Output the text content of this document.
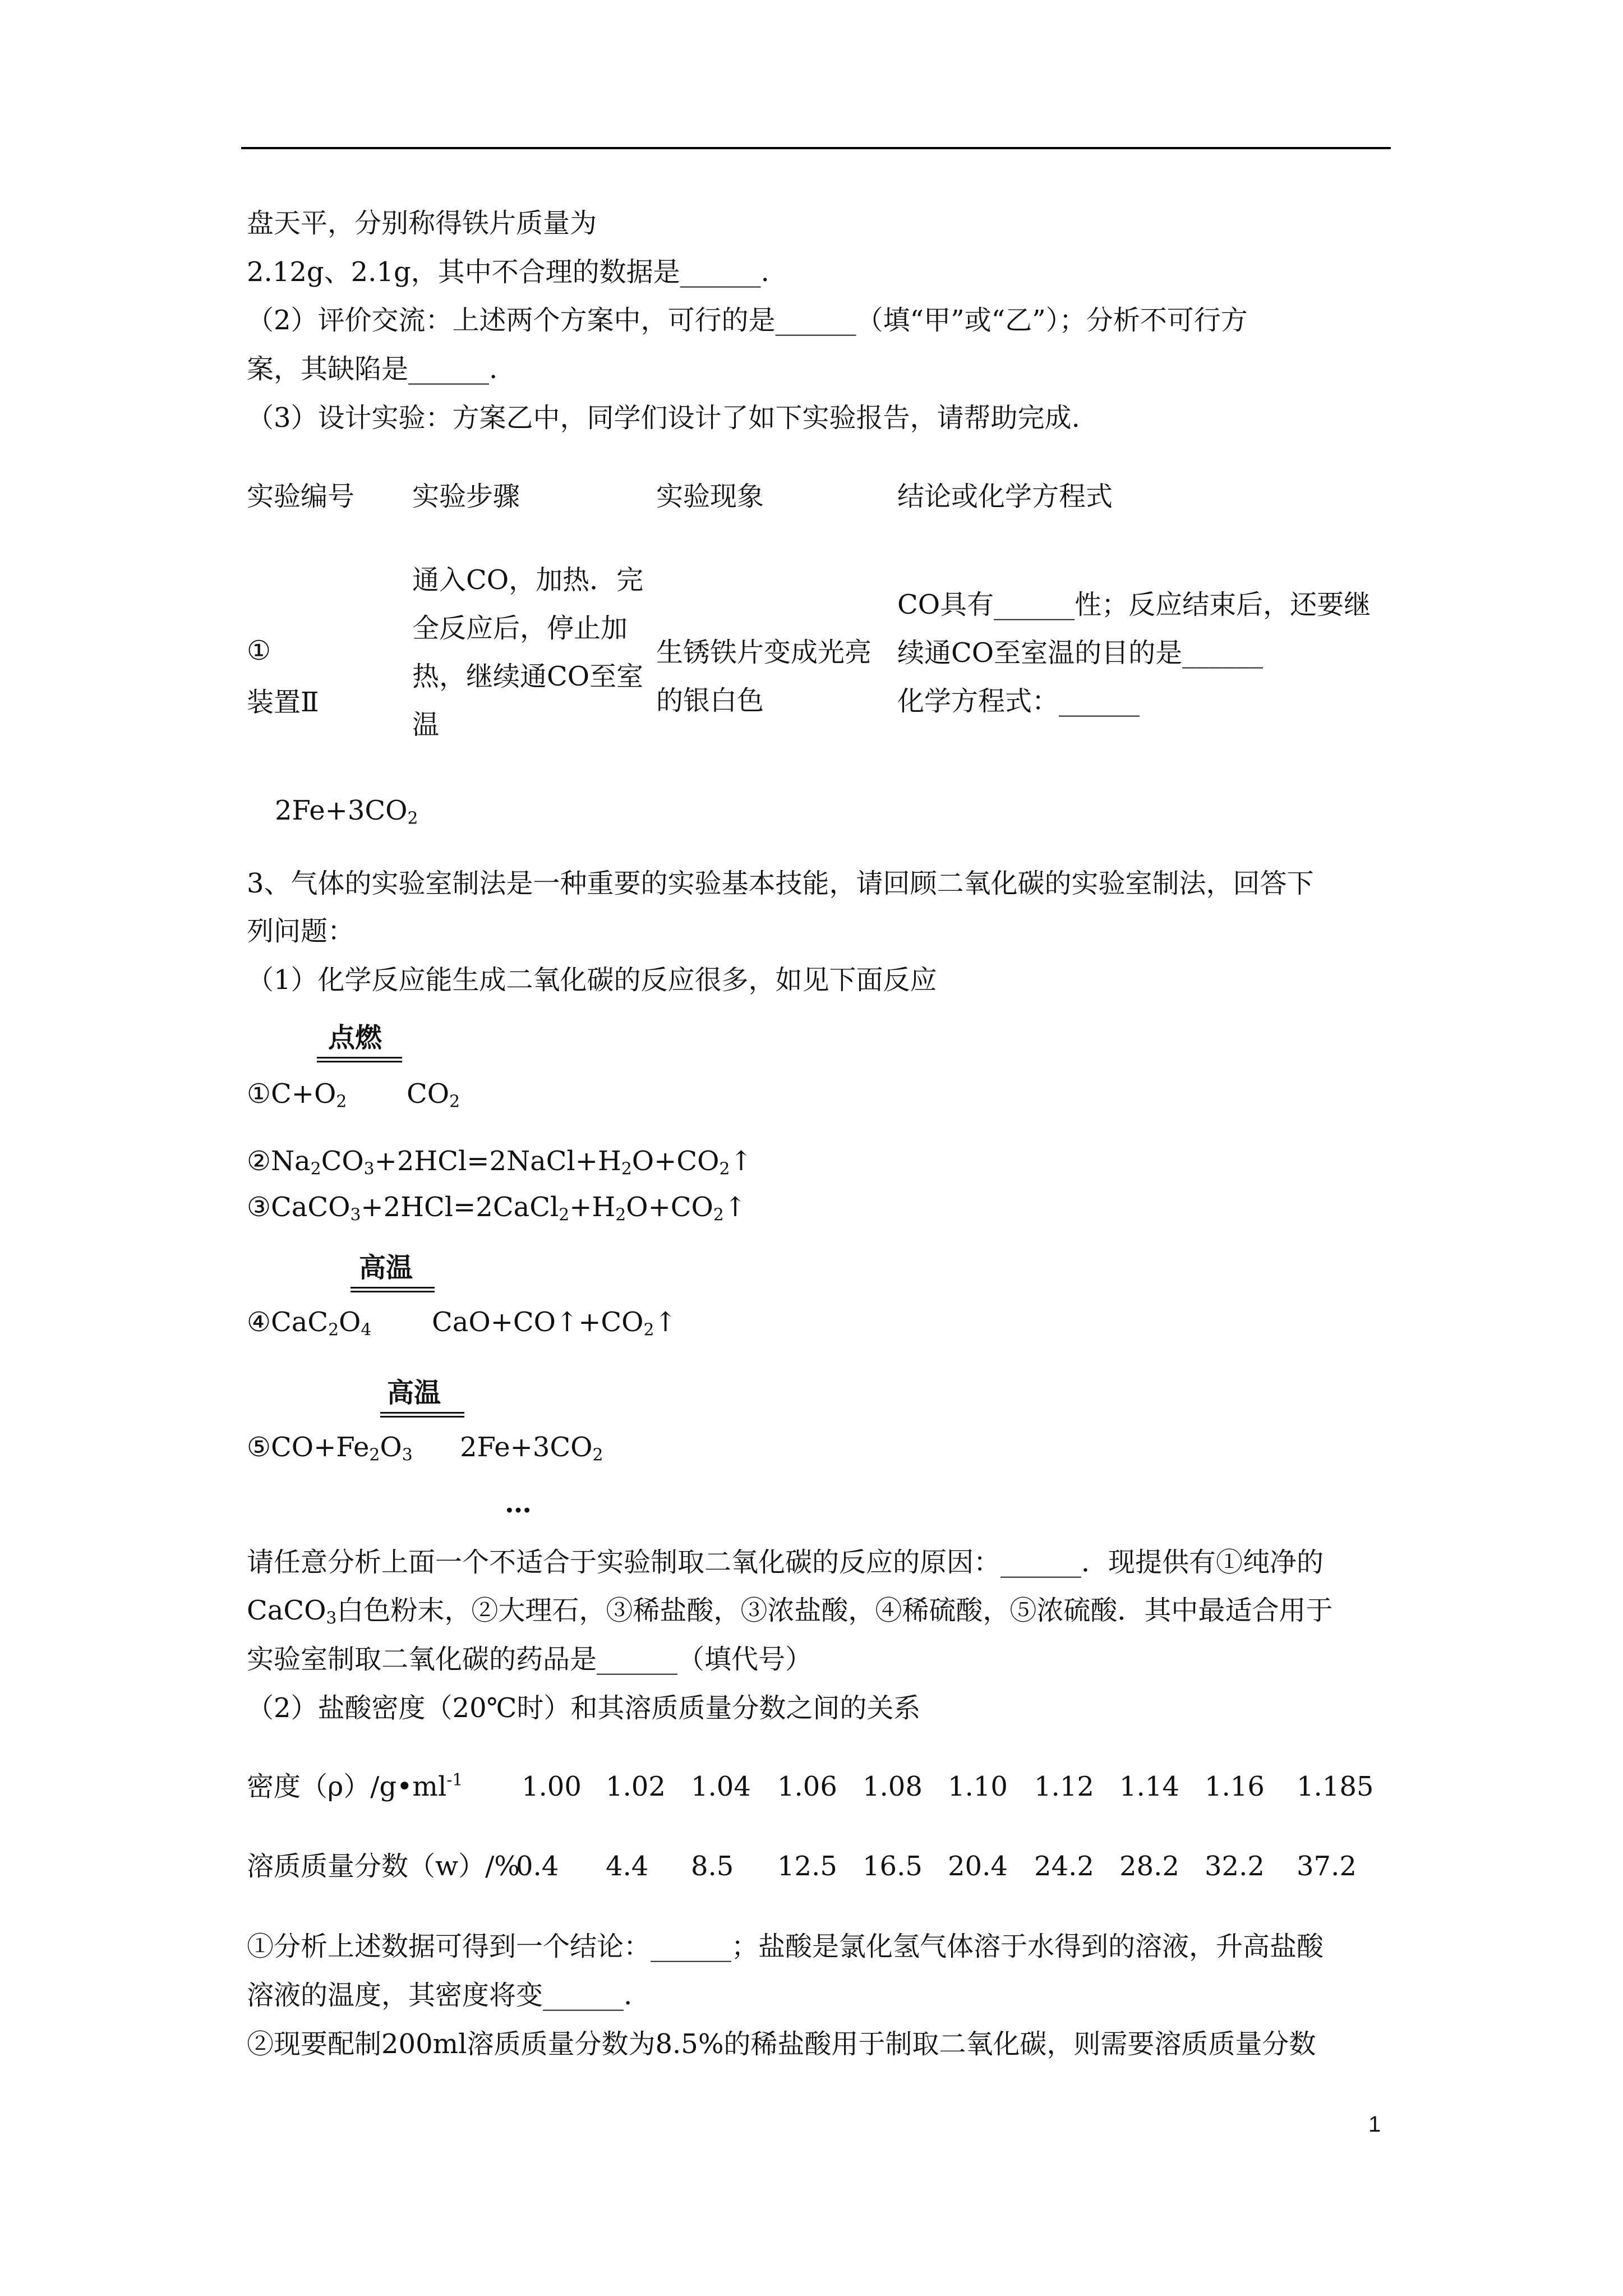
盘天平，分别称得铁片质量为
2.12g、2.1g，其中不合理的数据是______.
（2）评价交流：上述两个方案中，可行的是______（填“甲”或“乙”）；分析不可行方
案，其缺陷是______.
（3）设计实验：方案乙中，同学们设计了如下实验报告，请帮助完成.
实验编号 实验步骤	实验现象	结论或化学方程式
①
装置Ⅱ
通入CO，加热．完
全反应后，停止加
热，继续通CO至室
温
生锈铁片变成光亮
的银白色
CO具有______性；反应结束后，还要继
续通CO至室温的目的是______
化学方程式：______
$2Fe+3CO_2$
3、气体的实验室制法是一种重要的实验基本技能，请回顾二氧化碳的实验室制法，回答下
列问题：
（1）化学反应能生成二氧化碳的反应很多，如见下面反应
点燃
$①C+O_2$ $CO_2$
$②Na_2CO_3+2HCl=2NaCl+H_2O+CO_2↑$
$③CaCO_3+2HCl=2CaCl_2+H_2O+CO_2↑$
高温
$④CaC_2O_4$ $CaO+CO↑+CO_2↑$
高温
$⑤CO+Fe_2O_3$ $2Fe+3CO_2$
…
请任意分析上面一个不适合于实验制取二氧化碳的反应的原因：______．现提供有①纯净的
CaCO$_3$白色粉末，②大理石，③稀盐酸，③浓盐酸，④稀硫酸，⑤浓硫酸．其中最适合用于
实验室制取二氧化碳的药品是______（填代号）
（2）盐酸密度（20℃时）和其溶质质量分数之间的关系
密度$(\rho)/g•ml^{-1}$ 1.00 1.02 1.04 1.06 1.08 1.10 1.12 1.14 1.16 1.185
溶质质量分数（w）/%
0.4 4.4 8.5 12.5 16.5 20.4 24.2 28.2 32.2 37.2
①分析上述数据可得到一个结论：______；盐酸是氯化氢气体溶于水得到的溶液，升高盐酸
溶液的温度，其密度将变______.
②现要配制200ml溶质质量分数为8.5%的稀盐酸用于制取二氧化碳，则需要溶质质量分数
1
